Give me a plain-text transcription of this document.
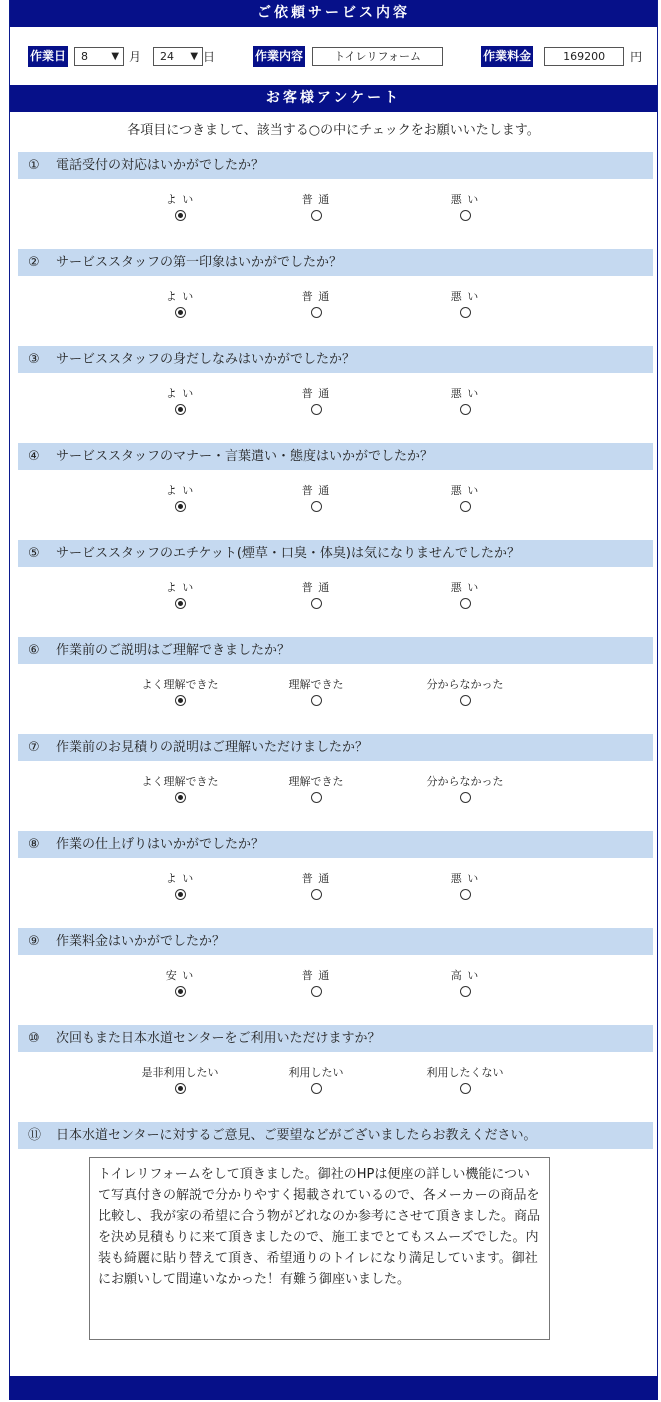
ご依頼サービス内容
作業日 8 ▼ 月 24 ▼ 日	作業内容	トイレリフォーム	作業料金	169200	円
お客様アンケート
各項目につきまして、該当する○の中にチェックをお願いいたします。
① 電話受付の対応はいかがでしたか？
よ い	普 通	悪 い
② サービススタッフの第一印象はいかがでしたか？
よ い	普 通	悪 い
③ サービススタッフの身だしなみはいかがでしたか？
よ い	普 通	悪 い
④ サービススタッフのマナー・言葉遣い・態度はいかがでしたか？
よ い	普 通	悪 い
⑤ サービススタッフのエチケット(煙草・口臭・体臭)は気になりませんでしたか？
よ い	普 通	悪 い
⑥ 作業前のご説明はご理解できましたか？
よく理解できた	理解できた	分からなかった
⑦ 作業前のお見積りの説明はご理解いただけましたか？
よく理解できた	理解できた	分からなかった
⑧ 作業の仕上げりはいかがでしたか？
よ い	普 通	悪 い
⑨ 作業料金はいかがでしたか？
安 い	普 通	高 い
⑩ 次回もまた日本水道センターをご利用いただけますか？
是非利用したい	利用したい	利用したくない
⑪ 日本水道センターに対するご意見、ご要望などがございましたらお教えください。
トイレリフォームをして頂きました。御社のHPは便座の詳しい機能について写真付きの解説で分かりやすく掲載されているので、各メーカーの商品を比較し、我が家の希望に合う物がどれなのか参考にさせて頂きました。商品を決め見積もりに来て頂きましたので、施工までとてもスムーズでした。内装も綺麗に貼り替えて頂き、希望通りのトイレになり満足しています。御社にお願いして間違いなかった！有難う御座いました。
